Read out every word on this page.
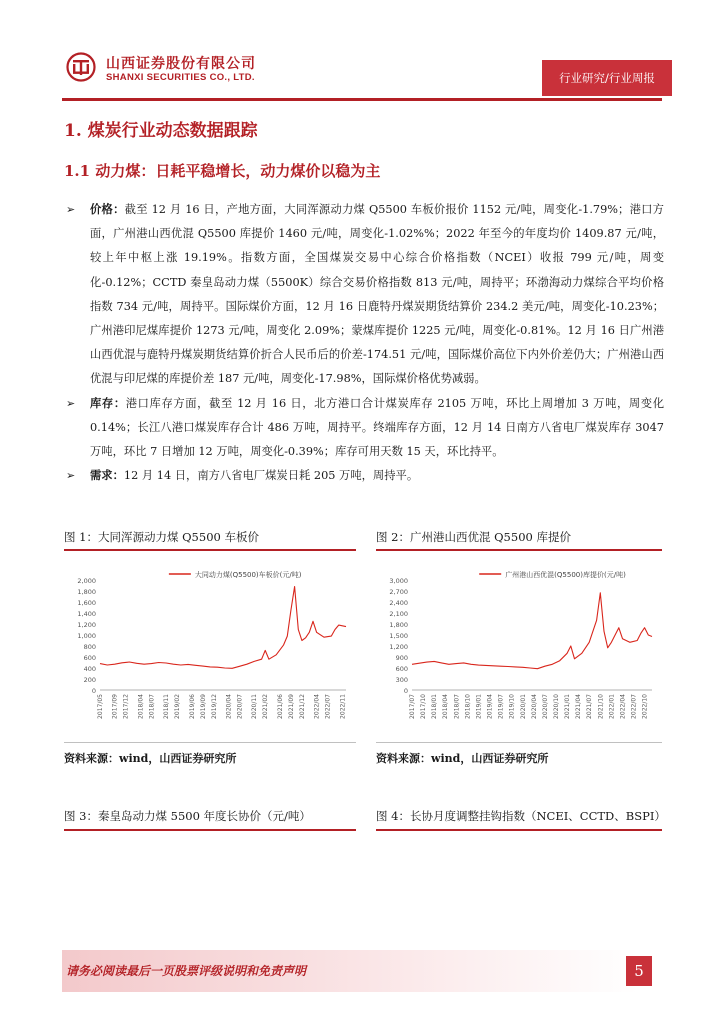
山西证券股份有限公司
SHANXI SECURITIES CO., LTD.	行业研究/行业周报
1. 煤炭行业动态数据跟踪
1.1 动力煤：日耗平稳增长，动力煤价以稳为主
➢ 价格：截至 12 月 16 日，产地方面，大同浑源动力煤 Q5500 车板价报价 1152 元/吨，周变化-1.79%；港口方面，广州港山西优混 Q5500 库提价 1460 元/吨，周变化-1.02%%；2022 年至今的年度均价 1409.87 元/吨，较上年中枢上涨 19.19%。指数方面，全国煤炭交易中心综合价格指数（NCEI）收报 799 元/吨，周变化-0.12%；CCTD 秦皇岛动力煤（5500K）综合交易价格指数 813 元/吨，周持平；环渤海动力煤综合平均价格指数 734 元/吨，周持平。国际煤价方面，12 月 16 日鹿特丹煤炭期货结算价 234.2 美元/吨，周变化-10.23%；广州港印尼煤库提价 1273 元/吨，周变化 2.09%；蒙煤库提价 1225 元/吨，周变化-0.81%。12 月 16 日广州港山西优混与鹿特丹煤炭期货结算价折合人民币后的价差-174.51 元/吨，国际煤价高位下内外价差仍大；广州港山西优混与印尼煤的库提价差 187 元/吨，周变化-17.98%，国际煤价格优势减弱。
➢ 库存：港口库存方面，截至 12 月 16 日，北方港口合计煤炭库存 2105 万吨，环比上周增加 3 万吨，周变化 0.14%；长江八港口煤炭库存合计 486 万吨，周持平。终端库存方面，12 月 14 日南方八省电厂煤炭库存 3047 万吨，环比 7 日增加 12 万吨，周变化-0.39%；库存可用天数 15 天，环比持平。
➢ 需求：12 月 14 日，南方八省电厂煤炭日耗 205 万吨，周持平。
图 1：大同浑源动力煤 Q5500 车板价
2,000
1,800
1,600
1,400
1,200
1,000
800
600
400
200
0
2017/05 2017/09 2017/12 2018/04 2018/07 2018/11 2019/02 2019/06 2019/09 2019/12 2020/04 2020/07 2020/11 2021/02 2021/06 2021/09 2021/12 2022/04 2022/07 2022/11
大同动力煤(Q5500)车板价(元/吨)
资料来源：wind，山西证券研究所
图 2：广州港山西优混 Q5500 库提价
3,000
2,700
2,400
2,100
1,800
1,500
1,200
900
600
300
0
2017/07 2017/10 2018/01 2018/04 2018/07 2018/10 2019/01 2019/04 2019/07 2019/10 2020/01 2020/04 2020/07 2020/10 2021/01 2021/04 2021/07 2021/10 2022/01 2022/04 2022/07 2022/10
广州港山西优混(Q5500)库提价(元/吨)
资料来源：wind，山西证券研究所
图 3：秦皇岛动力煤 5500 年度长协价（元/吨）	图 4：长协月度调整挂钩指数（NCEI、CCTD、BSPI）
请务必阅读最后一页股票评级说明和免责声明	5
